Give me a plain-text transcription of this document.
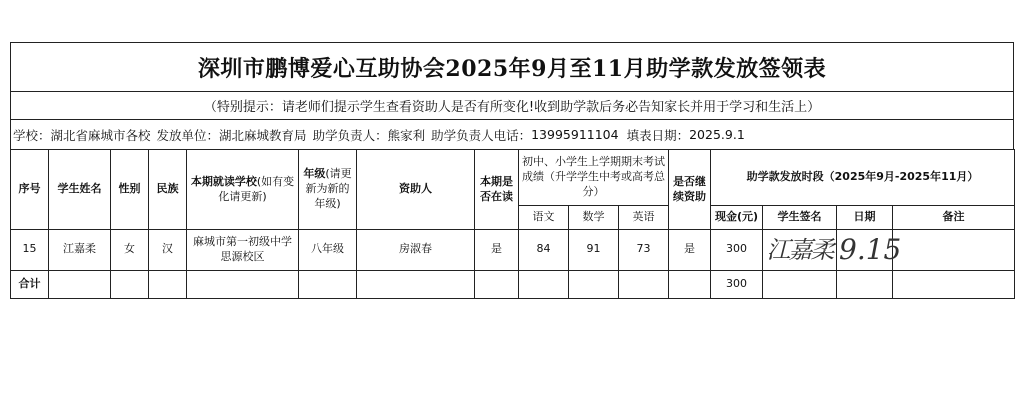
深圳市鹏博爱心互助协会2025年9月至11月助学款发放签领表
（特别提示：请老师们提示学生查看资助人是否有所变化!收到助学款后务必告知家长并用于学习和生活上）
学校： 湖北省麻城市各校 发放单位： 湖北麻城教育局 助学负责人： 熊家利 助学负责人电话： 13995911104 填表日期： 2025.9.1
序号	学生姓名	性别	民族	本期就读学校(如有变化请更新)	年级(请更新为新的年级)	资助人	本期是否在读	初中、小学生上学期期末考试成绩（升学学生中考或高考总分）			是否继续资助	助学款发放时段（2025年9月-2025年11月）			
								语文	数学	英语		现金(元)	学生签名	日期	备注
15	江嘉柔	女	汉	麻城市第一初级中学思源校区	八年级	房淑春	是	84	91	73	是	300	江嘉柔	9.15	
合计												300			
